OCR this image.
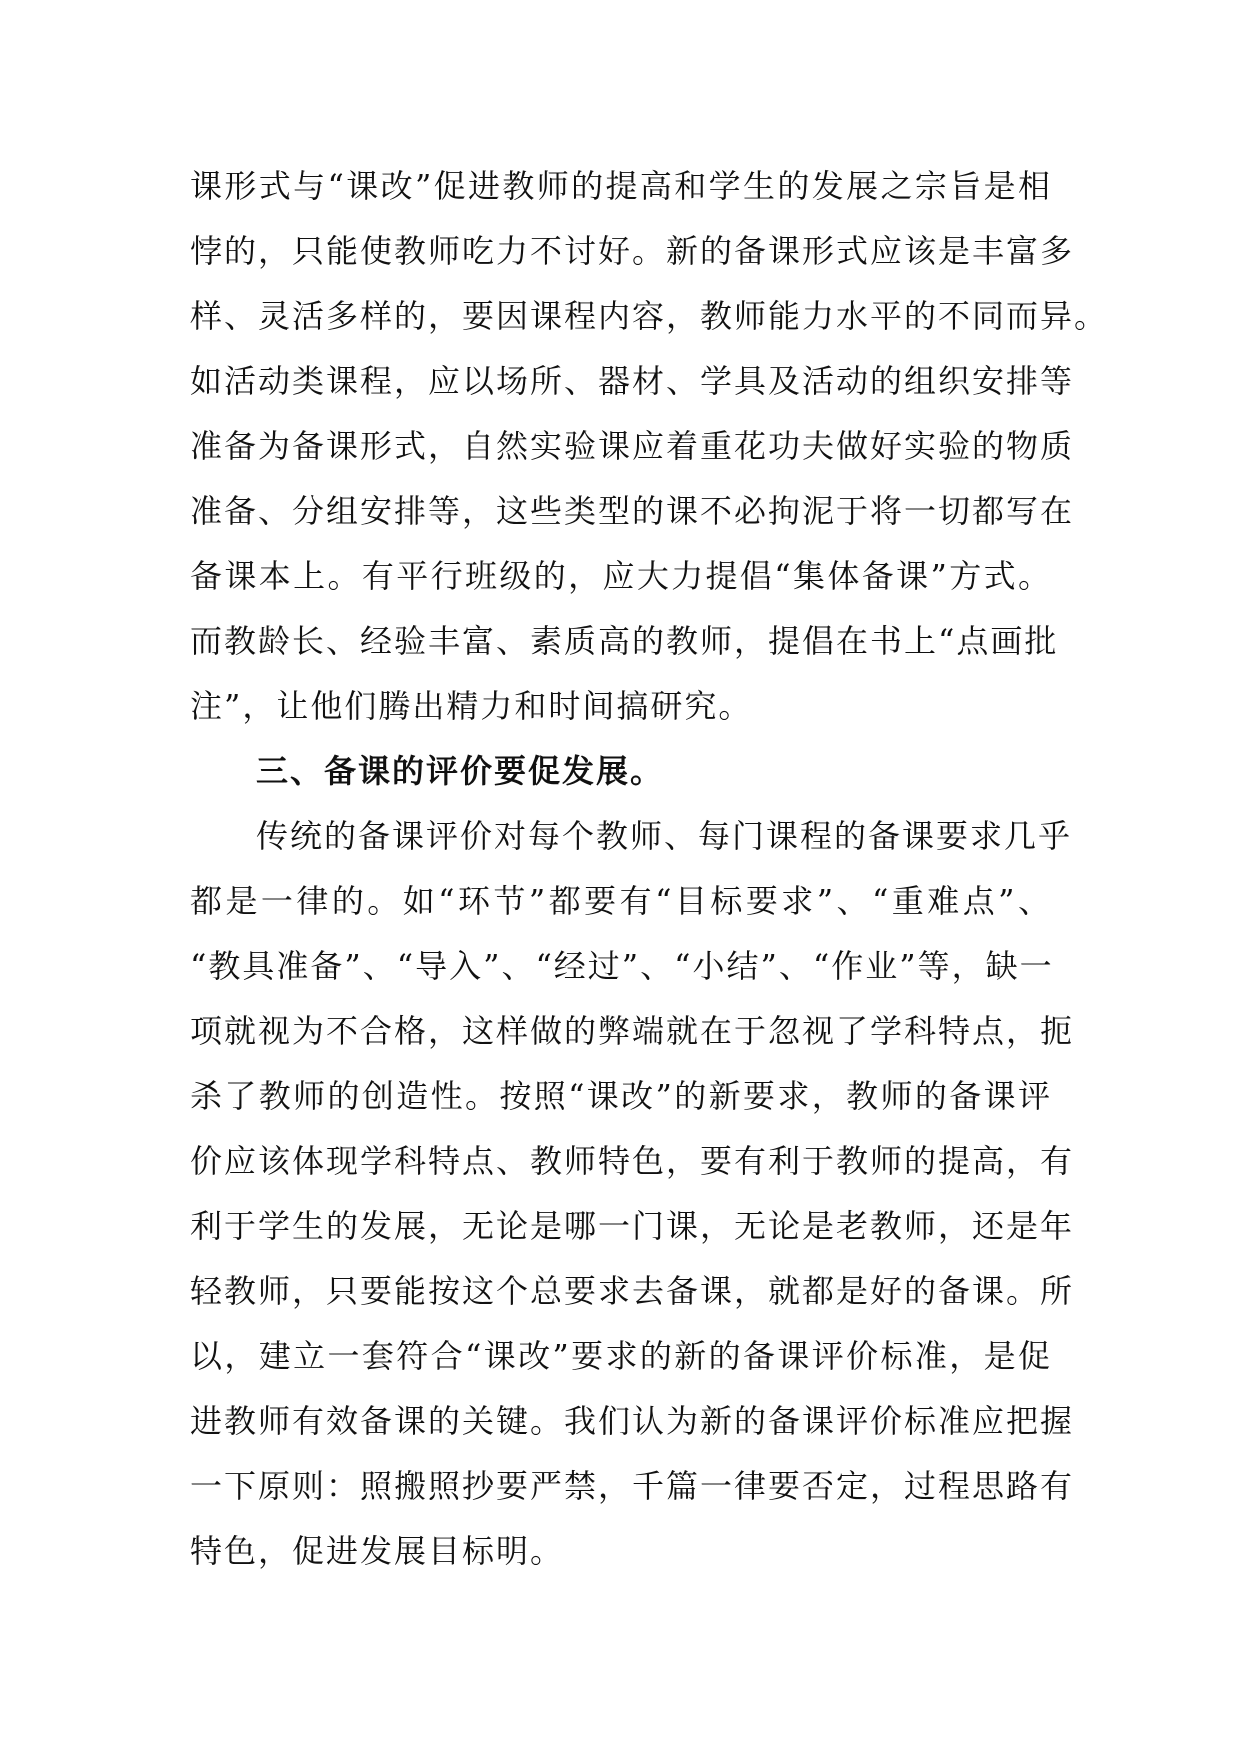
课形式与“课改”促进教师的提高和学生的发展之宗旨是相
悖的，只能使教师吃力不讨好。新的备课形式应该是丰富多
样、灵活多样的，要因课程内容，教师能力水平的不同而异。
如活动类课程，应以场所、器材、学具及活动的组织安排等
准备为备课形式，自然实验课应着重花功夫做好实验的物质
准备、分组安排等，这些类型的课不必拘泥于将一切都写在
备课本上。有平行班级的，应大力提倡“集体备课”方式。
而教龄长、经验丰富、素质高的教师，提倡在书上“点画批
注”，让他们腾出精力和时间搞研究。
三、备课的评价要促发展。
传统的备课评价对每个教师、每门课程的备课要求几乎
都是一律的。如“环节”都要有“目标要求”、“重难点”、
“教具准备”、“导入”、“经过”、“小结”、“作业”等，缺一
项就视为不合格，这样做的弊端就在于忽视了学科特点，扼
杀了教师的创造性。按照“课改”的新要求，教师的备课评
价应该体现学科特点、教师特色，要有利于教师的提高，有
利于学生的发展，无论是哪一门课，无论是老教师，还是年
轻教师，只要能按这个总要求去备课，就都是好的备课。所
以，建立一套符合“课改”要求的新的备课评价标准，是促
进教师有效备课的关键。我们认为新的备课评价标准应把握
一下原则：照搬照抄要严禁，千篇一律要否定，过程思路有
特色，促进发展目标明。
